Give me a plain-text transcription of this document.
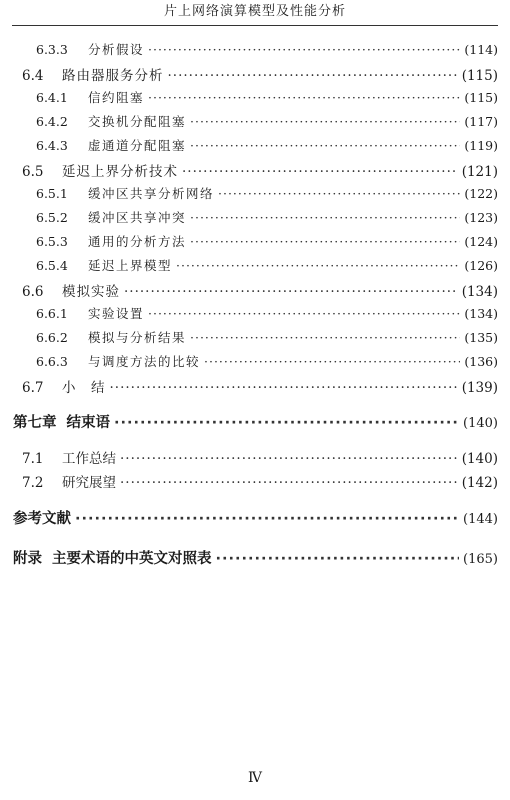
片上网络演算模型及性能分析
6.3.3	分析假设 ·····	(114)
6.4	路由器服务分析 ·····	(115)
6.4.1	信约阻塞 ·····	(115)
6.4.2	交换机分配阻塞 ·····	(117)
6.4.3	虚通道分配阻塞 ·····	(119)
6.5	延迟上界分析技术 ·····	(121)
6.5.1	缓冲区共享分析网络 ·····	(122)
6.5.2	缓冲区共享冲突 ·····	(123)
6.5.3	通用的分析方法 ·····	(124)
6.5.4	延迟上界模型 ·····	(126)
6.6	模拟实验 ·····	(134)
6.6.1	实验设置 ·····	(134)
6.6.2	模拟与分析结果 ·····	(135)
6.6.3	与调度方法的比较 ·····	(136)
6.7	小　结 ·····	(139)
第七章 结束语 ·····	(140)
7.1	工作总结 ·····	(140)
7.2	研究展望 ·····	(142)
参考文献 ·····	(144)
附录 主要术语的中英文对照表 ·····	(165)
Ⅳ
